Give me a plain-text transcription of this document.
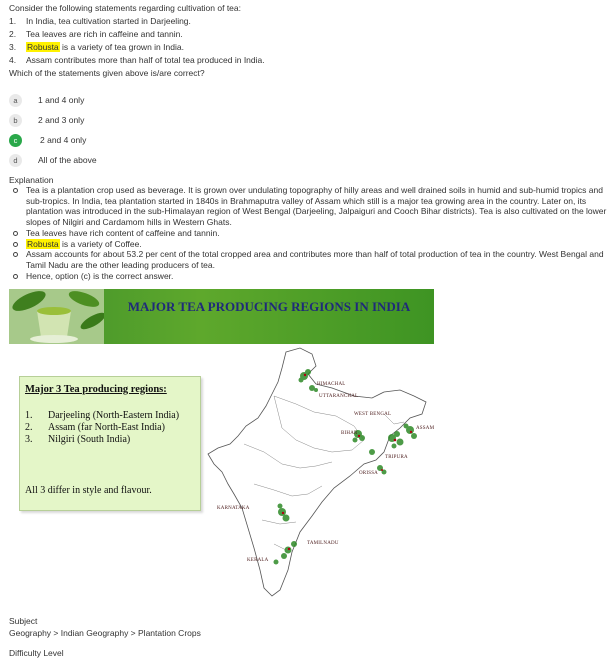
Consider the following statements regarding cultivation of tea:
1. In India, tea cultivation started in Darjeeling.
2. Tea leaves are rich in caffeine and tannin.
3. Robusta is a variety of tea grown in India.
4. Assam contributes more than half of total tea produced in India.
Which of the statements given above is/are correct?
a	1 and 4 only
b	2 and 3 only
c	2 and 4 only
d	All of the above
Explanation
Tea is a plantation crop used as beverage. It is grown over undulating topography of hilly areas and well drained soils in humid and sub-humid tropics and sub-tropics. In India, tea plantation started in 1840s in Brahmaputra valley of Assam which still is a major tea growing area in the country. Later on, its plantation was introduced in the sub-Himalayan region of West Bengal (Darjeeling, Jalpaiguri and Cooch Bihar districts). Tea is also cultivated on the lower slopes of Nilgiri and Cardamom hills in Western Ghats.
Tea leaves have rich content of caffeine and tannin.
Robusta is a variety of Coffee.
Assam accounts for about 53.2 per cent of the total cropped area and contributes more than half of total production of tea in the country. West Bengal and Tamil Nadu are the other leading producers of tea.
Hence, option (c) is the correct answer.
MAJOR TEA PRODUCING REGIONS IN INDIA
Major 3 Tea producing regions:
1. Darjeeling (North-Eastern India)
2. Assam (far North-East India)
3. Nilgiri (South India)
All 3 differ in style and flavour.
HIMACHAL
UTTARANCHAL
WEST BENGAL
BIHAR
ASSAM
TRIPURA
ORISSA
KARNATAKA
TAMILNADU
KERALA
Subject
Geography > Indian Geography > Plantation Crops
Difficulty Level
